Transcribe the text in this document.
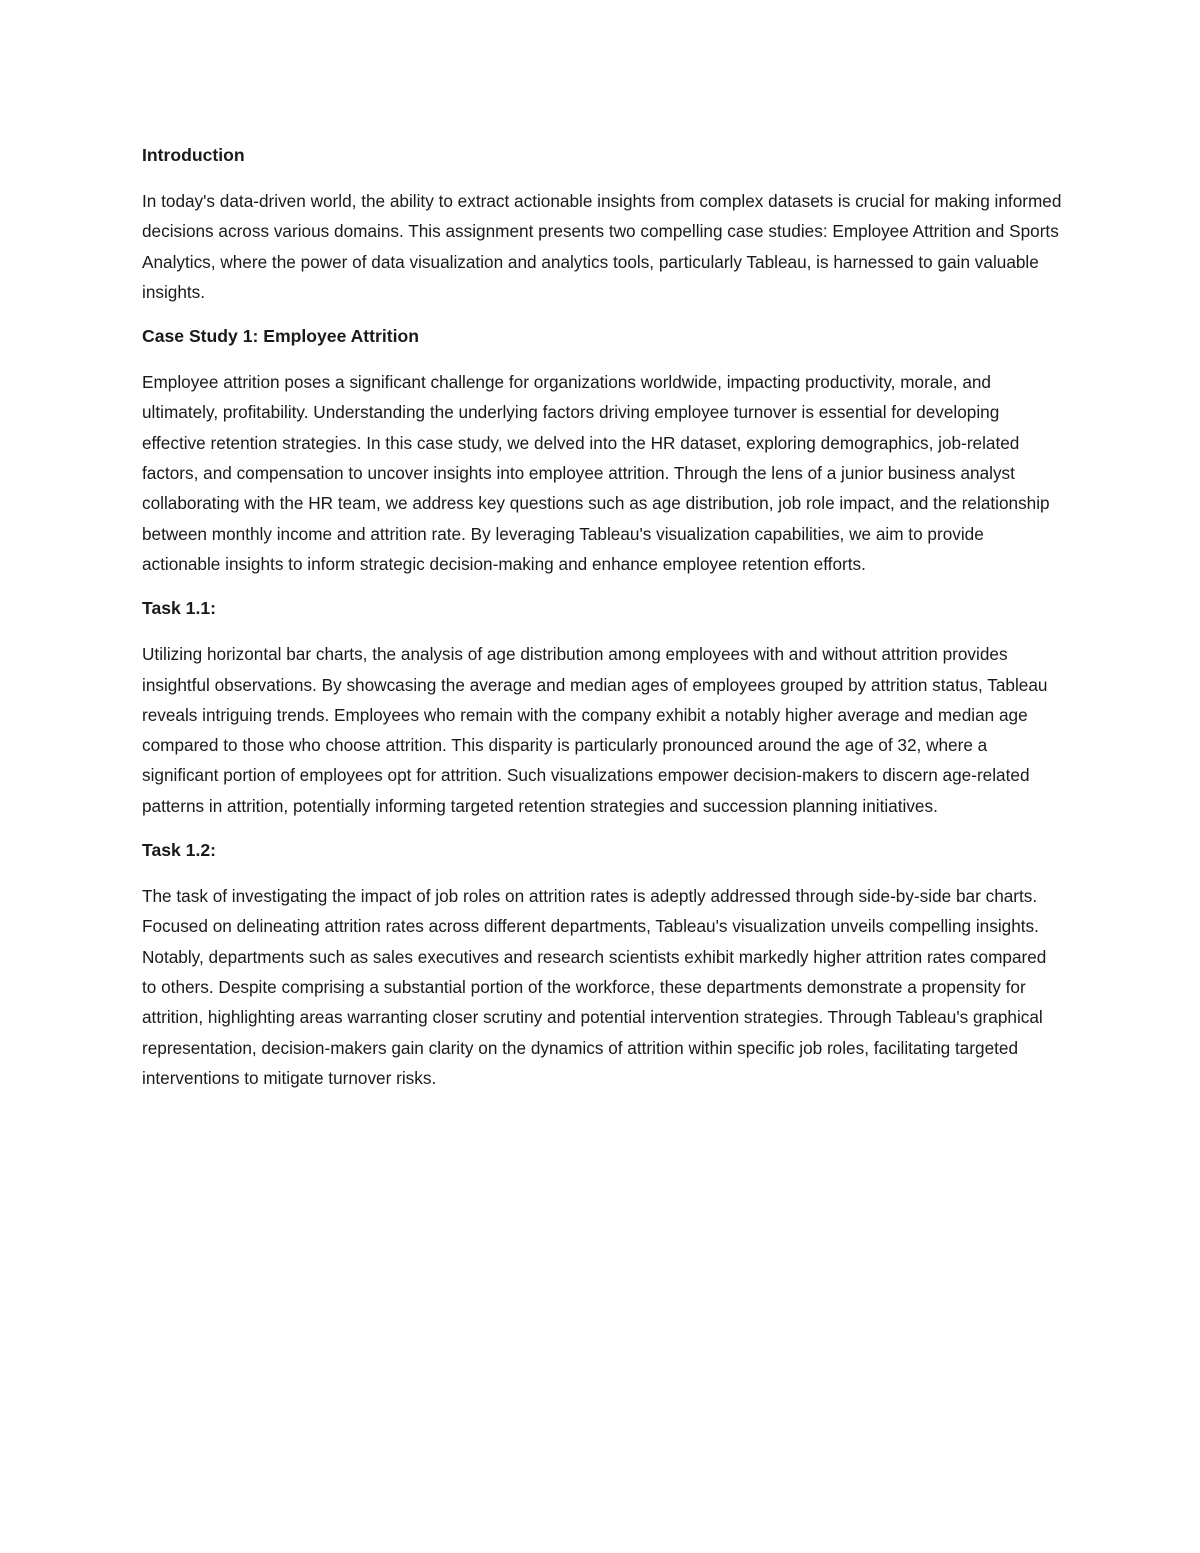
Introduction

In today's data-driven world, the ability to extract actionable insights from complex datasets is crucial for making informed decisions across various domains. This assignment presents two compelling case studies: Employee Attrition and Sports Analytics, where the power of data visualization and analytics tools, particularly Tableau, is harnessed to gain valuable insights.

Case Study 1: Employee Attrition

Employee attrition poses a significant challenge for organizations worldwide, impacting productivity, morale, and ultimately, profitability. Understanding the underlying factors driving employee turnover is essential for developing effective retention strategies. In this case study, we delved into the HR dataset, exploring demographics, job-related factors, and compensation to uncover insights into employee attrition. Through the lens of a junior business analyst collaborating with the HR team, we address key questions such as age distribution, job role impact, and the relationship between monthly income and attrition rate. By leveraging Tableau's visualization capabilities, we aim to provide actionable insights to inform strategic decision-making and enhance employee retention efforts.

Task 1.1:

Utilizing horizontal bar charts, the analysis of age distribution among employees with and without attrition provides insightful observations. By showcasing the average and median ages of employees grouped by attrition status, Tableau reveals intriguing trends. Employees who remain with the company exhibit a notably higher average and median age compared to those who choose attrition. This disparity is particularly pronounced around the age of 32, where a significant portion of employees opt for attrition. Such visualizations empower decision-makers to discern age-related patterns in attrition, potentially informing targeted retention strategies and succession planning initiatives.

Task 1.2:

The task of investigating the impact of job roles on attrition rates is adeptly addressed through side-by-side bar charts. Focused on delineating attrition rates across different departments, Tableau's visualization unveils compelling insights. Notably, departments such as sales executives and research scientists exhibit markedly higher attrition rates compared to others. Despite comprising a substantial portion of the workforce, these departments demonstrate a propensity for attrition, highlighting areas warranting closer scrutiny and potential intervention strategies. Through Tableau's graphical representation, decision-makers gain clarity on the dynamics of attrition within specific job roles, facilitating targeted interventions to mitigate turnover risks.
